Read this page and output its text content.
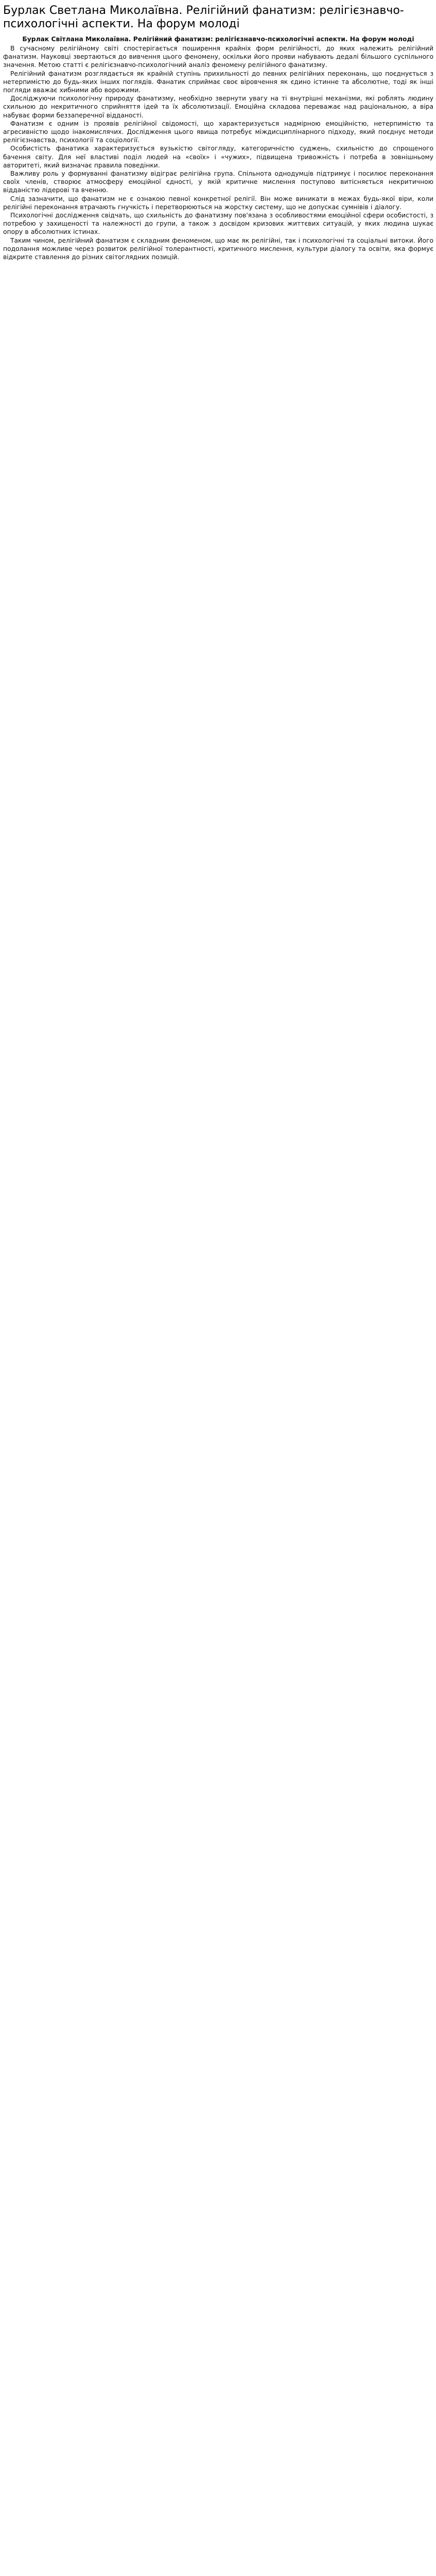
Бурлак Светлана Миколаївна. Релігійний фанатизм: релігієзнавчо-психологічні аспекти. На форум молоді
Бурлак Світлана Миколаївна. Релігійний фанатизм: релігієзнавчо-психологічні аспекти. На форум молоді

В сучасному релігійному світі спостерігається поширення крайніх форм релігійності, до яких належить релігійний фанатизм. Науковці звертаються до вивчення цього феномену, оскільки його прояви набувають дедалі більшого суспільного значення. Метою статті є релігієзнавчо-психологічний аналіз феномену релігійного фанатизму.

Релігійний фанатизм розглядається як крайній ступінь прихильності до певних релігійних переконань, що поєднується з нетерпимістю до будь-яких інших поглядів. Фанатик сприймає своє віровчення як єдино істинне та абсолютне, тоді як інші погляди вважає хибними або ворожими.

Досліджуючи психологічну природу фанатизму, необхідно звернути увагу на ті внутрішні механізми, які роблять людину схильною до некритичного сприйняття ідей та їх абсолютизації. Емоційна складова переважає над раціональною, а віра набуває форми беззаперечної відданості.

Фанатизм є одним із проявів релігійної свідомості, що характеризується надмірною емоційністю, нетерпимістю та агресивністю щодо інакомислячих. Дослідження цього явища потребує міждисциплінарного підходу, який поєднує методи релігієзнавства, психології та соціології.

Особистість фанатика характеризується вузькістю світогляду, категоричністю суджень, схильністю до спрощеного бачення світу. Для неї властиві поділ людей на «своїх» і «чужих», підвищена тривожність і потреба в зовнішньому авторитеті, який визначає правила поведінки.

Важливу роль у формуванні фанатизму відіграє релігійна група. Спільнота однодумців підтримує і посилює переконання своїх членів, створює атмосферу емоційної єдності, у якій критичне мислення поступово витісняється некритичною відданістю лідерові та вченню.

Слід зазначити, що фанатизм не є ознакою певної конкретної релігії. Він може виникати в межах будь-якої віри, коли релігійні переконання втрачають гнучкість і перетворюються на жорстку систему, що не допускає сумнівів і діалогу.

Психологічні дослідження свідчать, що схильність до фанатизму пов'язана з особливостями емоційної сфери особистості, з потребою у захищеності та належності до групи, а також з досвідом кризових життєвих ситуацій, у яких людина шукає опору в абсолютних істинах.

Таким чином, релігійний фанатизм є складним феноменом, що має як релігійні, так і психологічні та соціальні витоки. Його подолання можливе через розвиток релігійної толерантності, критичного мислення, культури діалогу та освіти, яка формує відкрите ставлення до різних світоглядних позицій.
